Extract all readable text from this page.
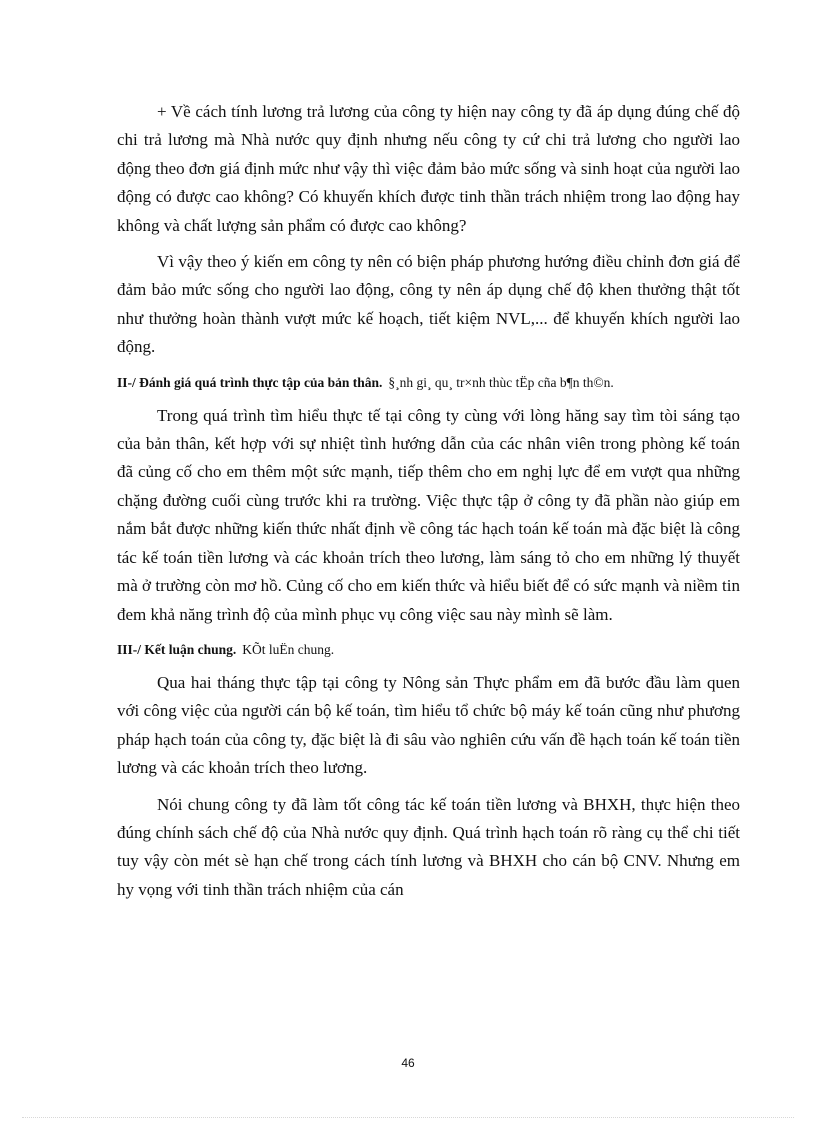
+ Về cách tính lương trả lương của công ty hiện nay công ty đã áp dụng đúng chế độ chi trả lương mà Nhà nước quy định nhưng nếu công ty cứ chi trả lương cho người lao động theo đơn giá định mức như vậy thì việc đảm bảo mức sống và sinh hoạt của người lao động có được cao không? Có khuyến khích được tinh thần trách nhiệm trong lao động hay không và chất lượng sản phẩm có được cao không?

Vì vậy theo ý kiến em công ty nên có biện pháp phương hướng điều chỉnh đơn giá để đảm bảo mức sống cho người lao động, công ty nên áp dụng chế độ khen thưởng thật tốt như thưởng hoàn thành vượt mức kế hoạch, tiết kiệm NVL,... để khuyến khích người lao động.

II-/ Đánh giá quá trình thực tập của bản thân. §¸nh gi¸ qu¸ tr×nh thùc tËp cña b¶n th©n.

Trong quá trình tìm hiểu thực tế tại công ty cùng với lòng hăng say tìm tòi sáng tạo của bản thân, kết hợp với sự nhiệt tình hướng dẫn của các nhân viên trong phòng kế toán đã củng cố cho em thêm một sức mạnh, tiếp thêm cho em nghị lực để em vượt qua những chặng đường cuối cùng trước khi ra trường. Việc thực tập ở công ty đã phần nào giúp em nắm bắt được những kiến thức nhất định về công tác hạch toán kế toán mà đặc biệt là công tác kế toán tiền lương và các khoản trích theo lương, làm sáng tỏ cho em những lý thuyết mà ở trường còn mơ hồ. Củng cố cho em kiến thức và hiểu biết để có sức mạnh và niềm tin đem khả năng trình độ của mình phục vụ công việc sau này mình sẽ làm.

III-/ Kết luận chung. KÕt luËn chung.

Qua hai tháng thực tập tại công ty Nông sản Thực phẩm em đã bước đầu làm quen với công việc của người cán bộ kế toán, tìm hiểu tổ chức bộ máy kế toán cũng như phương pháp hạch toán của công ty, đặc biệt là đi sâu vào nghiên cứu vấn đề hạch toán kế toán tiền lương và các khoản trích theo lương.

Nói chung công ty đã làm tốt công tác kế toán tiền lương và BHXH, thực hiện theo đúng chính sách chế độ của Nhà nước quy định. Quá trình hạch toán rõ ràng cụ thể chi tiết tuy vậy còn mét sè hạn chế trong cách tính lương và BHXH cho cán bộ CNV. Nhưng em hy vọng với tinh thần trách nhiệm của cán

46
